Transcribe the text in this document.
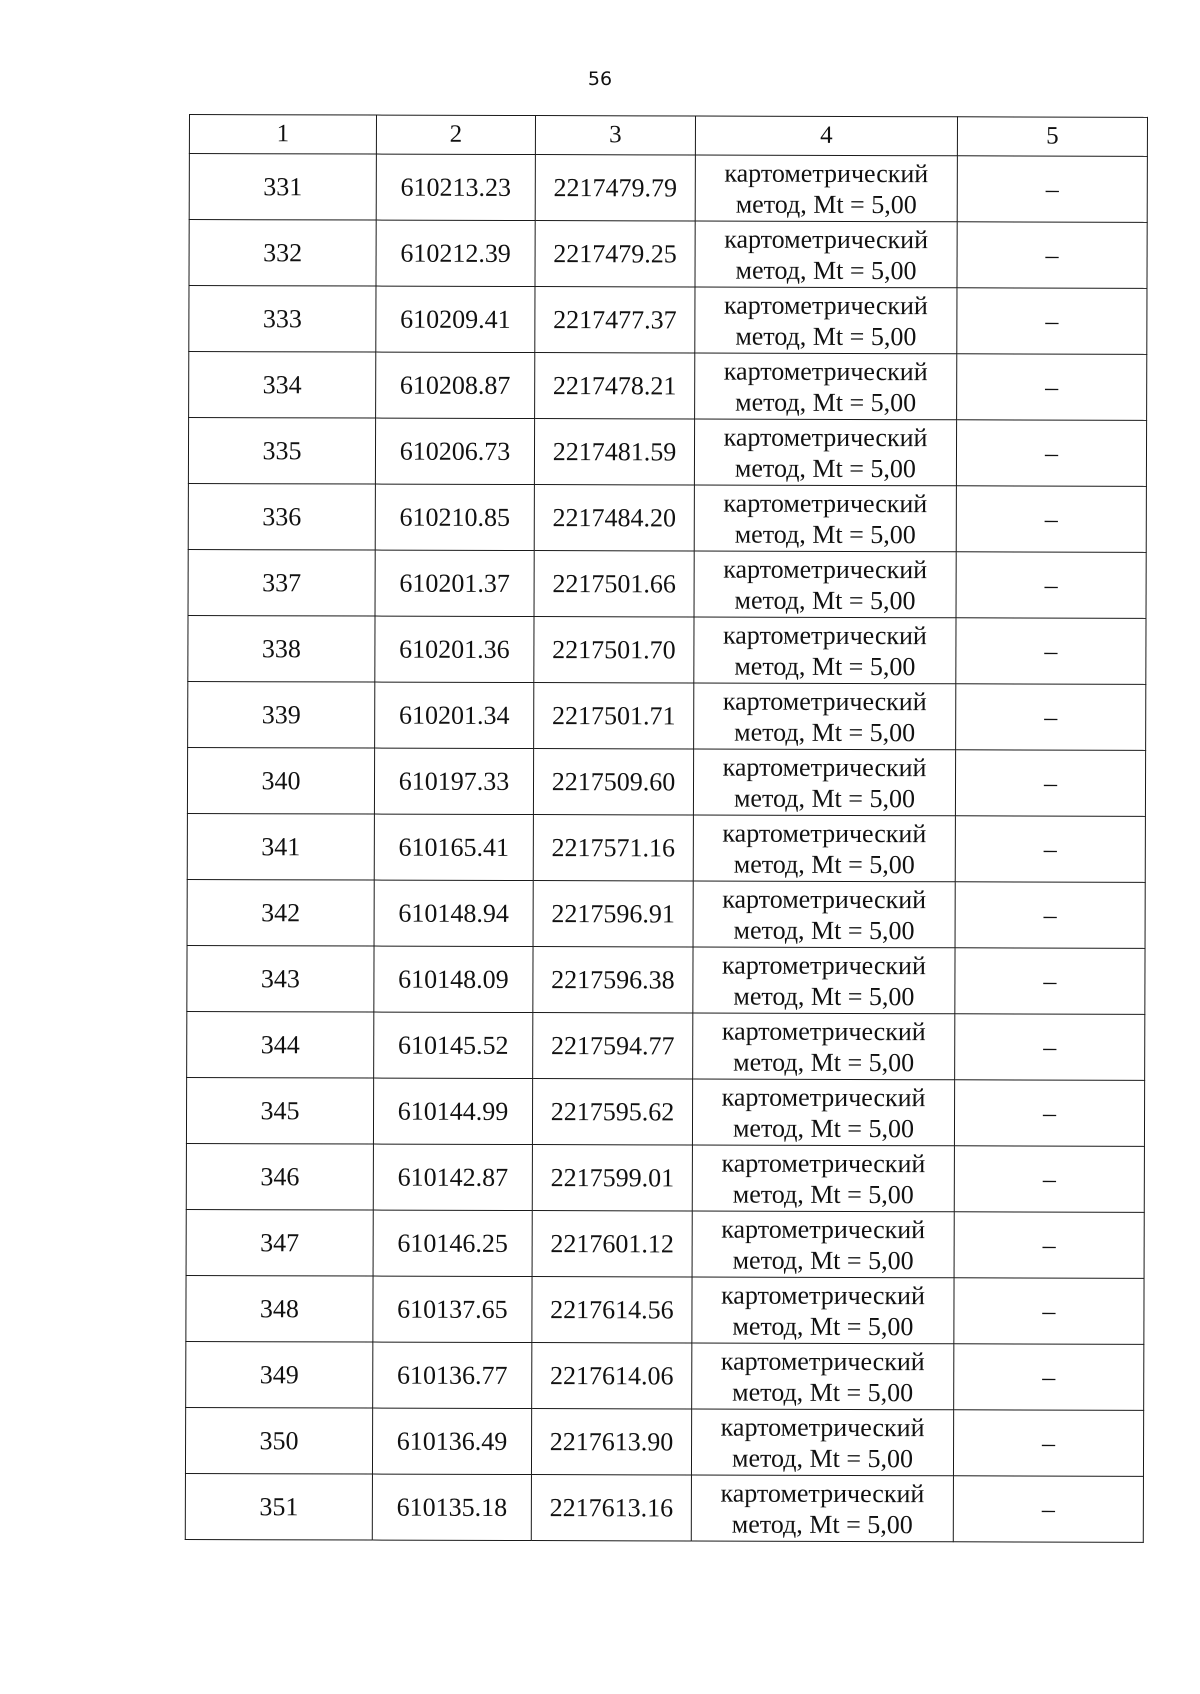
56
1	2	3	4	5
331	610213.23	2217479.79	картометрический
метод, Mt = 5,00	–
332	610212.39	2217479.25	картометрический
метод, Mt = 5,00	–
333	610209.41	2217477.37	картометрический
метод, Mt = 5,00	–
334	610208.87	2217478.21	картометрический
метод, Mt = 5,00	–
335	610206.73	2217481.59	картометрический
метод, Mt = 5,00	–
336	610210.85	2217484.20	картометрический
метод, Mt = 5,00	–
337	610201.37	2217501.66	картометрический
метод, Mt = 5,00	–
338	610201.36	2217501.70	картометрический
метод, Mt = 5,00	–
339	610201.34	2217501.71	картометрический
метод, Mt = 5,00	–
340	610197.33	2217509.60	картометрический
метод, Mt = 5,00	–
341	610165.41	2217571.16	картометрический
метод, Mt = 5,00	–
342	610148.94	2217596.91	картометрический
метод, Mt = 5,00	–
343	610148.09	2217596.38	картометрический
метод, Mt = 5,00	–
344	610145.52	2217594.77	картометрический
метод, Mt = 5,00	–
345	610144.99	2217595.62	картометрический
метод, Mt = 5,00	–
346	610142.87	2217599.01	картометрический
метод, Mt = 5,00	–
347	610146.25	2217601.12	картометрический
метод, Mt = 5,00	–
348	610137.65	2217614.56	картометрический
метод, Mt = 5,00	–
349	610136.77	2217614.06	картометрический
метод, Mt = 5,00	–
350	610136.49	2217613.90	картометрический
метод, Mt = 5,00	–
351	610135.18	2217613.16	картометрический
метод, Mt = 5,00	–
